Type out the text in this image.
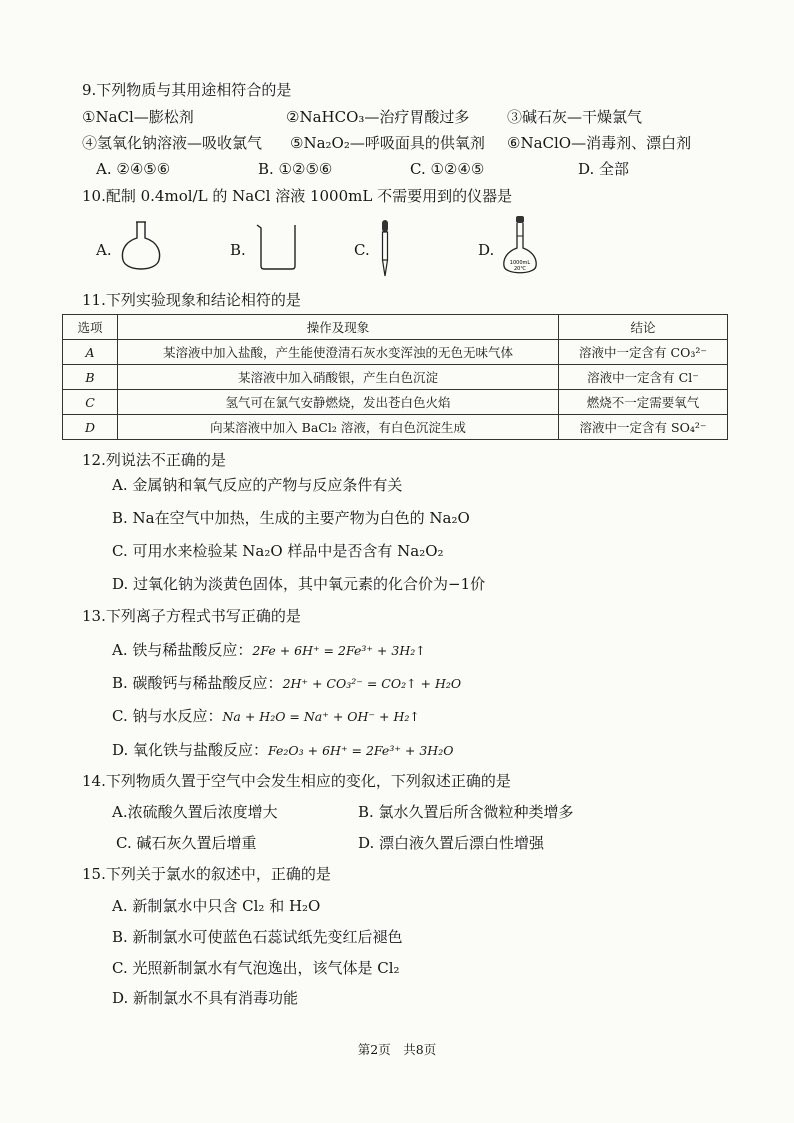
9.下列物质与其用途相符合的是
①NaCl—膨松剂	②NaHCO₃—治疗胃酸过多	③碱石灰—干燥氯气
④氢氧化钠溶液—吸收氯气 ⑤Na₂O₂—呼吸面具的供氧剂 ⑥NaClO—消毒剂、漂白剂
A. ②④⑤⑥	B. ①②⑤⑥	C. ①②④⑤	D. 全部
10.配制 0.4mol/L 的 NaCl 溶液 1000mL 不需要用到的仪器是
A.	B.	C.	D.
1000mL
20℃
11.下列实验现象和结论相符的是
选项	操作及现象	结论
A	某溶液中加入盐酸，产生能使澄清石灰水变浑浊的无色无味气体	溶液中一定含有 CO₃²⁻
B	某溶液中加入硝酸银，产生白色沉淀	溶液中一定含有 Cl⁻
C	氢气可在氯气安静燃烧，发出苍白色火焰	燃烧不一定需要氧气
D	向某溶液中加入 BaCl₂ 溶液，有白色沉淀生成	溶液中一定含有 SO₄²⁻
12.列说法不正确的是
A. 金属钠和氧气反应的产物与反应条件有关
B. Na在空气中加热，生成的主要产物为白色的 Na₂O
C. 可用水来检验某 Na₂O 样品中是否含有 Na₂O₂
D. 过氧化钠为淡黄色固体，其中氧元素的化合价为−1价
13.下列离子方程式书写正确的是
A. 铁与稀盐酸反应：2Fe + 6H⁺ = 2Fe³⁺ + 3H₂↑
B. 碳酸钙与稀盐酸反应：2H⁺ + CO₃²⁻ = CO₂↑ + H₂O
C. 钠与水反应：Na + H₂O = Na⁺ + OH⁻ + H₂↑
D. 氧化铁与盐酸反应：Fe₂O₃ + 6H⁺ = 2Fe³⁺ + 3H₂O
14.下列物质久置于空气中会发生相应的变化，下列叙述正确的是
A.浓硫酸久置后浓度增大	B. 氯水久置后所含微粒种类增多
C. 碱石灰久置后增重	D. 漂白液久置后漂白性增强
15.下列关于氯水的叙述中，正确的是
A. 新制氯水中只含 Cl₂ 和 H₂O
B. 新制氯水可使蓝色石蕊试纸先变红后褪色
C. 光照新制氯水有气泡逸出，该气体是 Cl₂
D. 新制氯水不具有消毒功能
第2页　共8页
